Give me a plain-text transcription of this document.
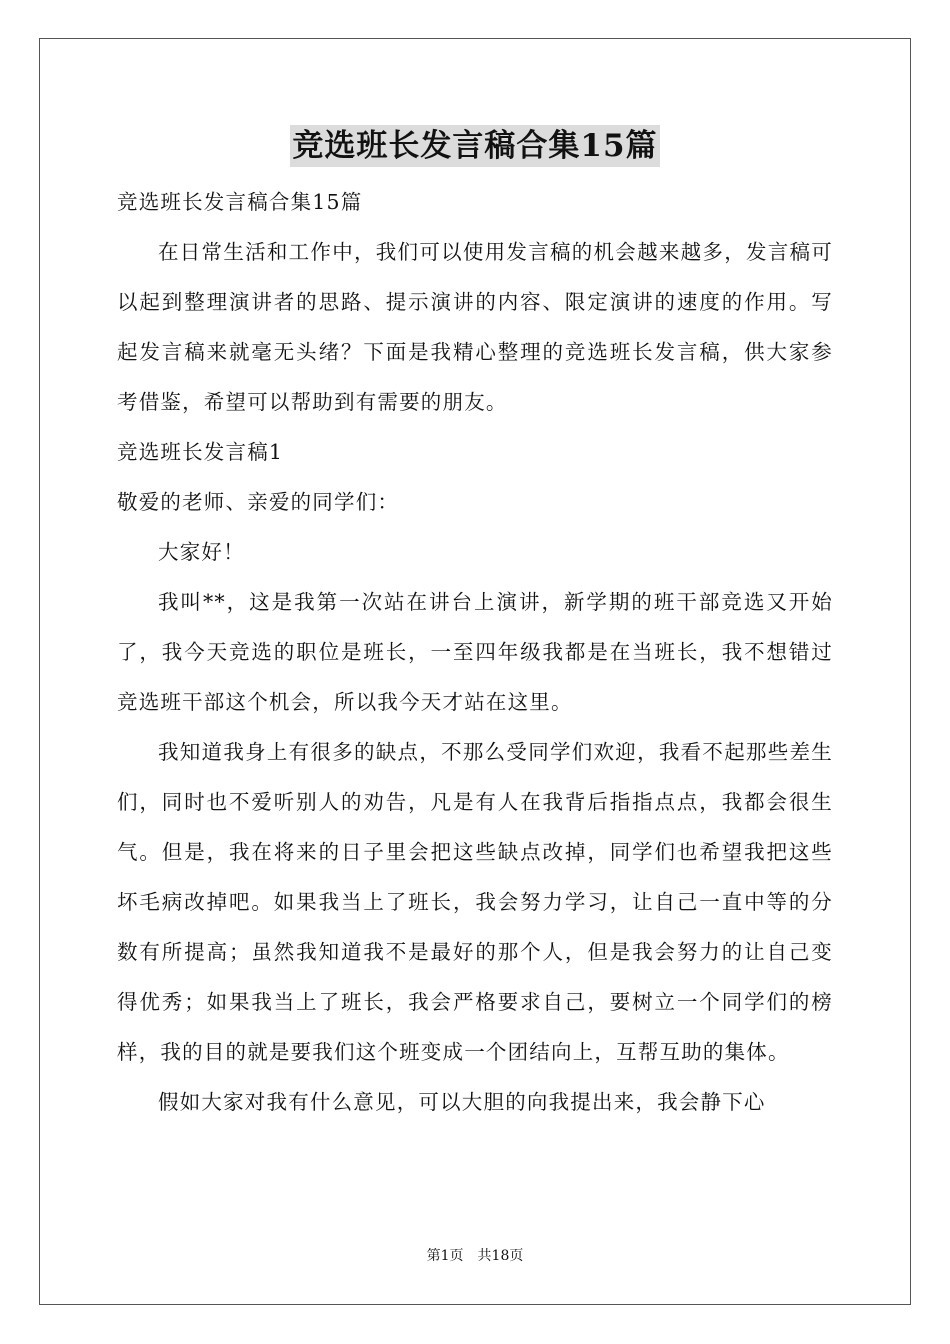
竞选班长发言稿合集15篇

竞选班长发言稿合集15篇

在日常生活和工作中，我们可以使用发言稿的机会越来越多，发言稿可以起到整理演讲者的思路、提示演讲的内容、限定演讲的速度的作用。写起发言稿来就毫无头绪？下面是我精心整理的竞选班长发言稿，供大家参考借鉴，希望可以帮助到有需要的朋友。

竞选班长发言稿1

敬爱的老师、亲爱的同学们：

大家好！

我叫**，这是我第一次站在讲台上演讲，新学期的班干部竞选又开始了，我今天竞选的职位是班长，一至四年级我都是在当班长，我不想错过竞选班干部这个机会，所以我今天才站在这里。

我知道我身上有很多的缺点，不那么受同学们欢迎，我看不起那些差生们，同时也不爱听别人的劝告，凡是有人在我背后指指点点，我都会很生气。但是，我在将来的日子里会把这些缺点改掉，同学们也希望我把这些坏毛病改掉吧。如果我当上了班长，我会努力学习，让自己一直中等的分数有所提高；虽然我知道我不是最好的那个人，但是我会努力的让自己变得优秀；如果我当上了班长，我会严格要求自己，要树立一个同学们的榜样，我的目的就是要我们这个班变成一个团结向上，互帮互助的集体。

假如大家对我有什么意见，可以大胆的向我提出来，我会静下心

第1页 共18页
